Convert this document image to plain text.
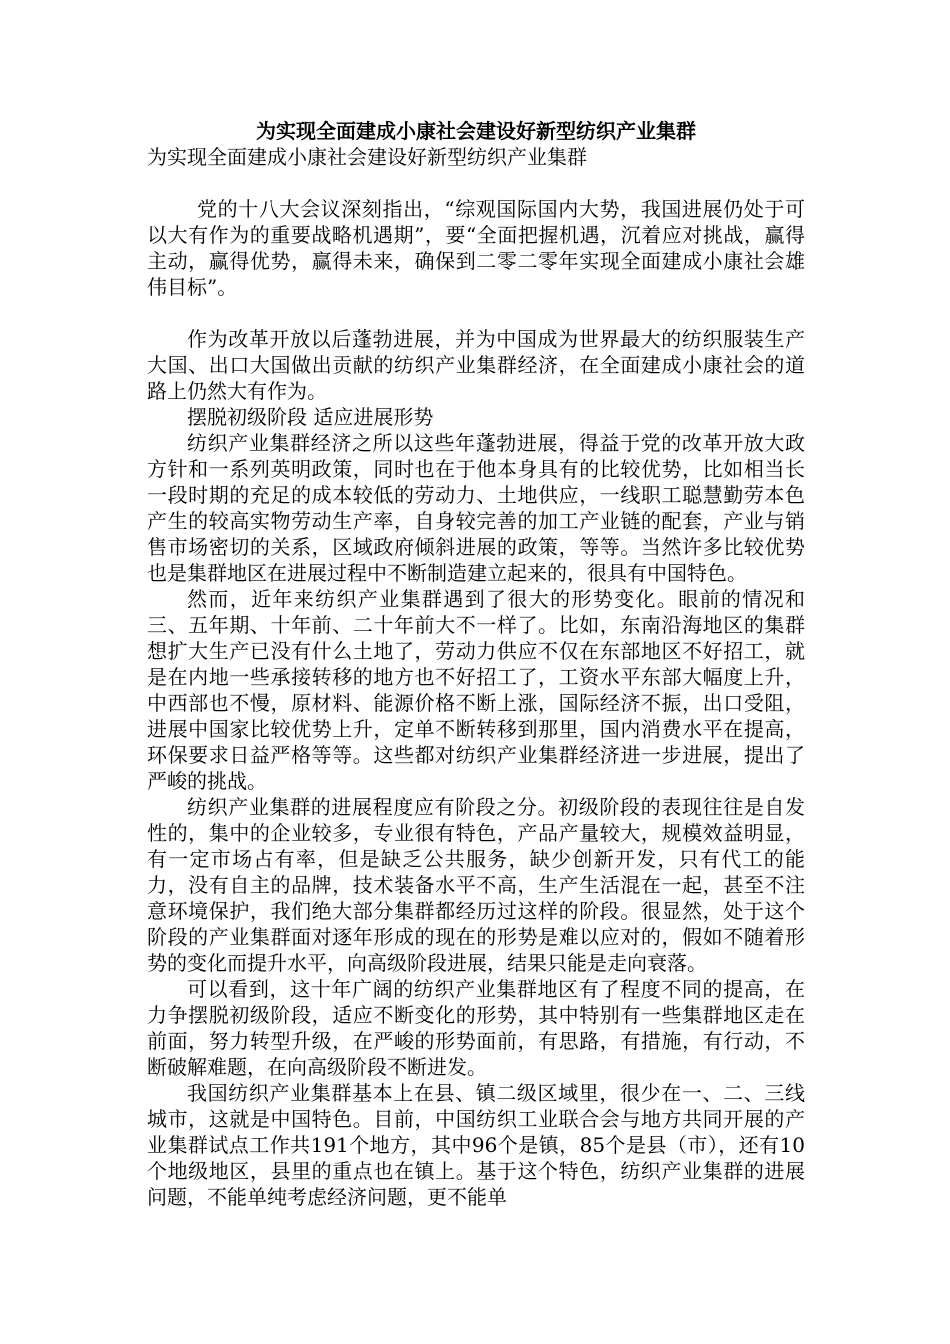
为实现全面建成小康社会建设好新型纺织产业集群

为实现全面建成小康社会建设好新型纺织产业集群

党的十八大会议深刻指出，“综观国际国内大势，我国进展仍处于可以大有作为的重要战略机遇期”，要“全面把握机遇，沉着应对挑战，赢得主动，赢得优势，赢得未来，确保到二零二零年实现全面建成小康社会雄伟目标”。

作为改革开放以后蓬勃进展，并为中国成为世界最大的纺织服装生产大国、出口大国做出贡献的纺织产业集群经济，在全面建成小康社会的道路上仍然大有作为。

摆脱初级阶段 适应进展形势

纺织产业集群经济之所以这些年蓬勃进展，得益于党的改革开放大政方针和一系列英明政策，同时也在于他本身具有的比较优势，比如相当长一段时期的充足的成本较低的劳动力、土地供应，一线职工聪慧勤劳本色产生的较高实物劳动生产率，自身较完善的加工产业链的配套，产业与销售市场密切的关系，区域政府倾斜进展的政策，等等。当然许多比较优势也是集群地区在进展过程中不断制造建立起来的，很具有中国特色。

然而，近年来纺织产业集群遇到了很大的形势变化。眼前的情况和三、五年期、十年前、二十年前大不一样了。比如，东南沿海地区的集群想扩大生产已没有什么土地了，劳动力供应不仅在东部地区不好招工，就是在内地一些承接转移的地方也不好招工了，工资水平东部大幅度上升，中西部也不慢，原材料、能源价格不断上涨，国际经济不振，出口受阻，进展中国家比较优势上升，定单不断转移到那里，国内消费水平在提高，环保要求日益严格等等。这些都对纺织产业集群经济进一步进展，提出了严峻的挑战。

纺织产业集群的进展程度应有阶段之分。初级阶段的表现往往是自发性的，集中的企业较多，专业很有特色，产品产量较大，规模效益明显，有一定市场占有率，但是缺乏公共服务，缺少创新开发，只有代工的能力，没有自主的品牌，技术装备水平不高，生产生活混在一起，甚至不注意环境保护，我们绝大部分集群都经历过这样的阶段。很显然，处于这个阶段的产业集群面对逐年形成的现在的形势是难以应对的，假如不随着形势的变化而提升水平，向高级阶段进展，结果只能是走向衰落。

可以看到，这十年广阔的纺织产业集群地区有了程度不同的提高，在力争摆脱初级阶段，适应不断变化的形势，其中特别有一些集群地区走在前面，努力转型升级，在严峻的形势面前，有思路，有措施，有行动，不断破解难题，在向高级阶段不断进发。

我国纺织产业集群基本上在县、镇二级区域里，很少在一、二、三线城市，这就是中国特色。目前，中国纺织工业联合会与地方共同开展的产业集群试点工作共191个地方，其中96个是镇，85个是县（市），还有10个地级地区，县里的重点也在镇上。基于这个特色，纺织产业集群的进展问题，不能单纯考虑经济问题，更不能单
